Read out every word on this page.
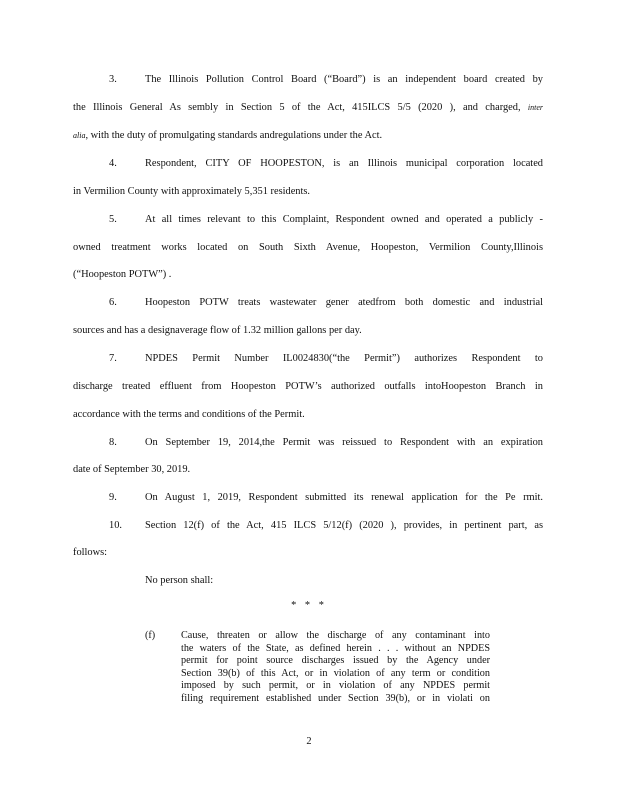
3.	The Illinois Pollution Control Board (“Board”) is an independent board created by
the Illinois General As sembly in Section 5 of the Act, 415ILCS 5/5 (2020 ), and charged, inter
alia, with the duty of promulgating standards andregulations under the Act.
4.	Respondent, CITY OF HOOPESTON, is an Illinois municipal corporation located
in Vermilion County with approximately 5,351 residents.
5.	At all times relevant to this Complaint, Respondent owned and operated a publicly -
owned treatment works located on South Sixth Avenue, Hoopeston, Vermilion County,Illinois
(“Hoopeston POTW”) .
6.	Hoopeston POTW treats wastewater gener atedfrom both domestic and industrial
sources and has a designaverage flow of 1.32 million gallons per day.
7.	NPDES Permit Number IL0024830(“the Permit”) authorizes Respondent to
discharge treated effluent from Hoopeston POTW’s authorized outfalls intoHoopeston Branch in
accordance with the terms and conditions of the Permit.
8.	On September 19, 2014,the Permit was reissued to Respondent with an expiration
date of September 30, 2019.
9.	On August 1, 2019, Respondent submitted its renewal application for the Pe rmit.
10. Section 12(f) of the Act, 415 ILCS 5/12(f) (2020 ), provides, in pertinent part, as
follows:
No person shall:
* * *
(f)	Cause, threaten or allow the discharge of any contaminant into
the waters of the State, as defined herein . . . without an NPDES
permit for point source discharges issued by the Agency under
Section 39(b) of this Act, or in violation of any term or condition
imposed by such permit, or in violation of any NPDES permit
filing requirement established under Section 39(b), or in violati on
2
